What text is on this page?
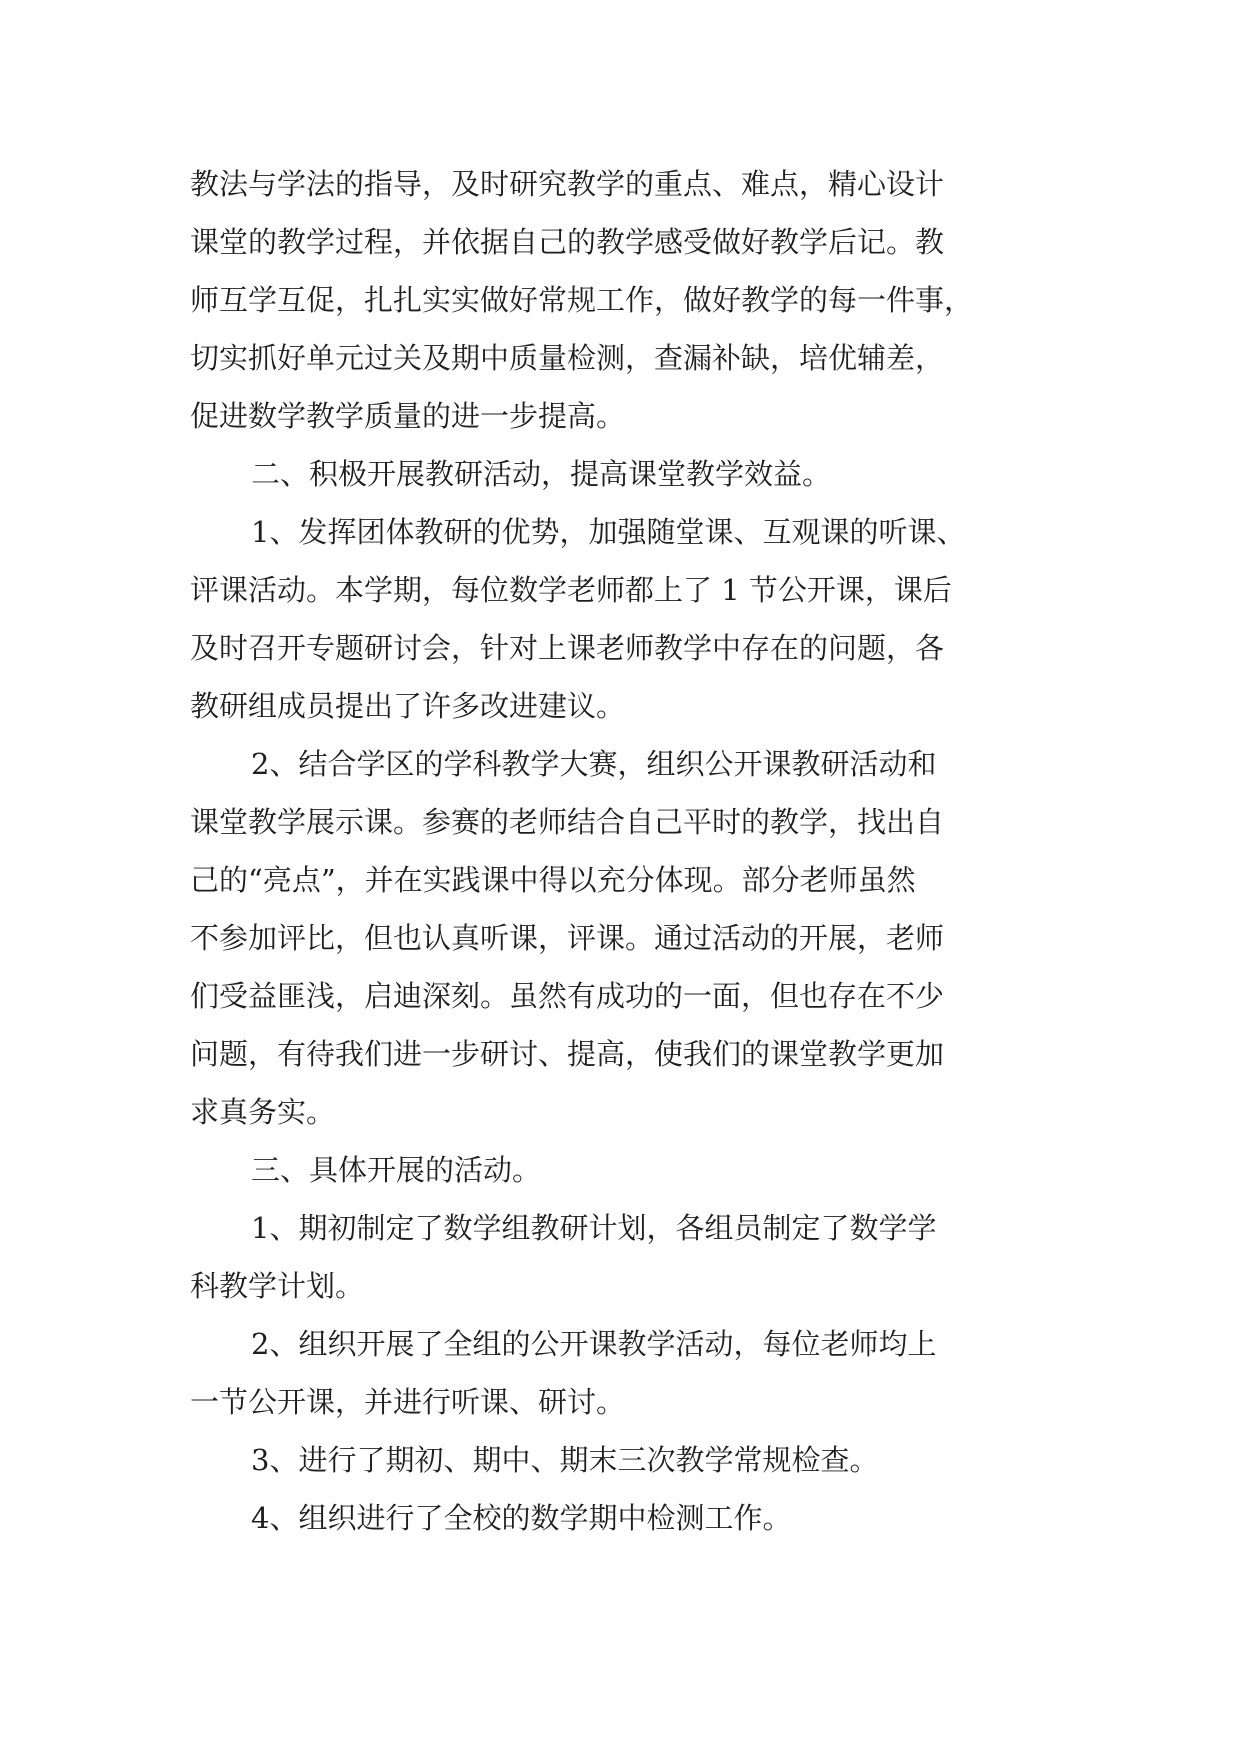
教法与学法的指导，及时研究教学的重点、难点，精心设计
课堂的教学过程，并依据自己的教学感受做好教学后记。教
师互学互促，扎扎实实做好常规工作，做好教学的每一件事，
切实抓好单元过关及期中质量检测，查漏补缺，培优辅差，
促进数学教学质量的进一步提高。
二、积极开展教研活动，提高课堂教学效益。
1、发挥团体教研的优势，加强随堂课、互观课的听课、
评课活动。本学期，每位数学老师都上了 1 节公开课，课后
及时召开专题研讨会，针对上课老师教学中存在的问题，各
教研组成员提出了许多改进建议。
2、结合学区的学科教学大赛，组织公开课教研活动和
课堂教学展示课。参赛的老师结合自己平时的教学，找出自
己的“亮点”，并在实践课中得以充分体现。部分老师虽然
不参加评比，但也认真听课，评课。通过活动的开展，老师
们受益匪浅，启迪深刻。虽然有成功的一面，但也存在不少
问题，有待我们进一步研讨、提高，使我们的课堂教学更加
求真务实。
三、具体开展的活动。
1、期初制定了数学组教研计划，各组员制定了数学学
科教学计划。
2、组织开展了全组的公开课教学活动，每位老师均上
一节公开课，并进行听课、研讨。
3、进行了期初、期中、期末三次教学常规检查。
4、组织进行了全校的数学期中检测工作。
